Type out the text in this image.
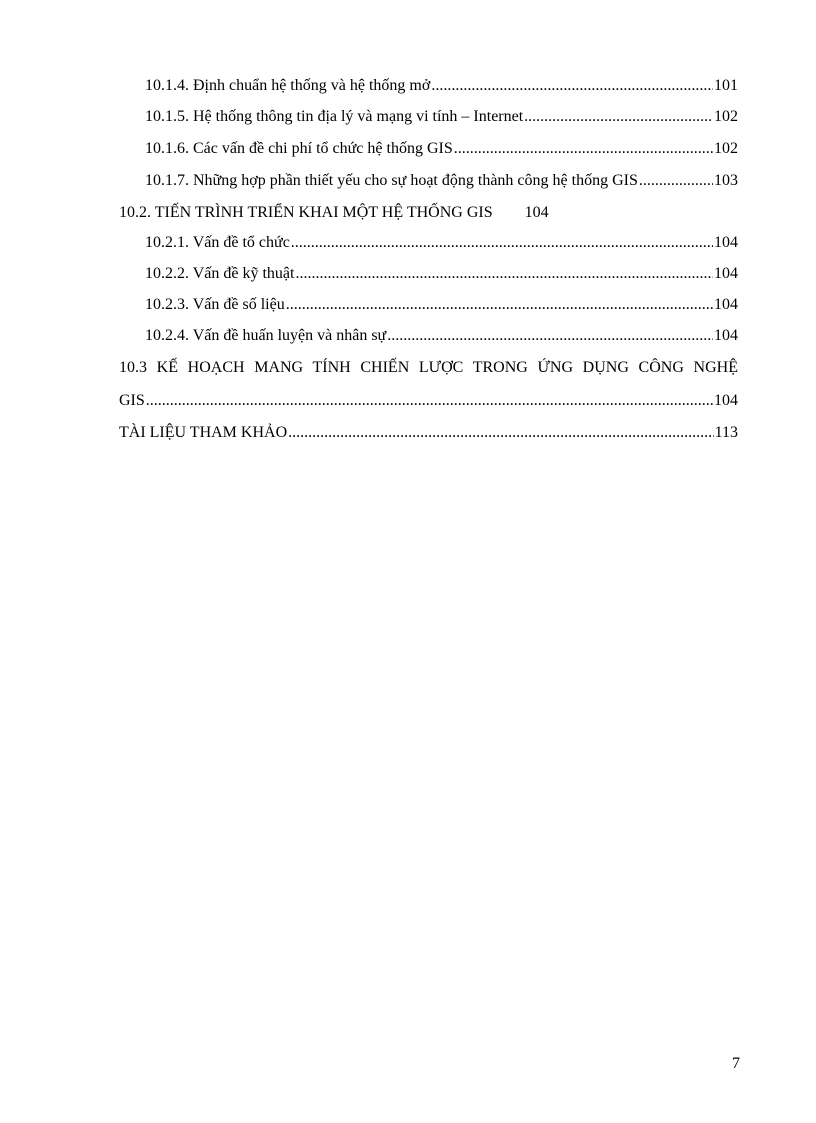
10.1.4. Định chuẩn hệ thống và hệ thống mở .....	101
10.1.5. Hệ thống thông tin địa lý và mạng vi tính – Internet .....	102
10.1.6. Các vấn đề chi phí tổ chức hệ thống GIS .....	102
10.1.7. Những hợp phần thiết yếu cho sự hoạt động thành công hệ thống GIS .....	103
10.2. TIẾN TRÌNH TRIỂN KHAI MỘT HỆ THỐNG GIS 104
10.2.1. Vấn đề tổ chức .....	104
10.2.2. Vấn đề kỹ thuật .....	104
10.2.3. Vấn đề số liệu .....	104
10.2.4. Vấn đề huấn luyện và nhân sự .....	104
10.3 KẾ HOẠCH MANG TÍNH CHIẾN LƯỢC TRONG ỨNG DỤNG CÔNG NGHỆ
GIS .....	104
TÀI LIỆU THAM KHẢO .....	113
7
